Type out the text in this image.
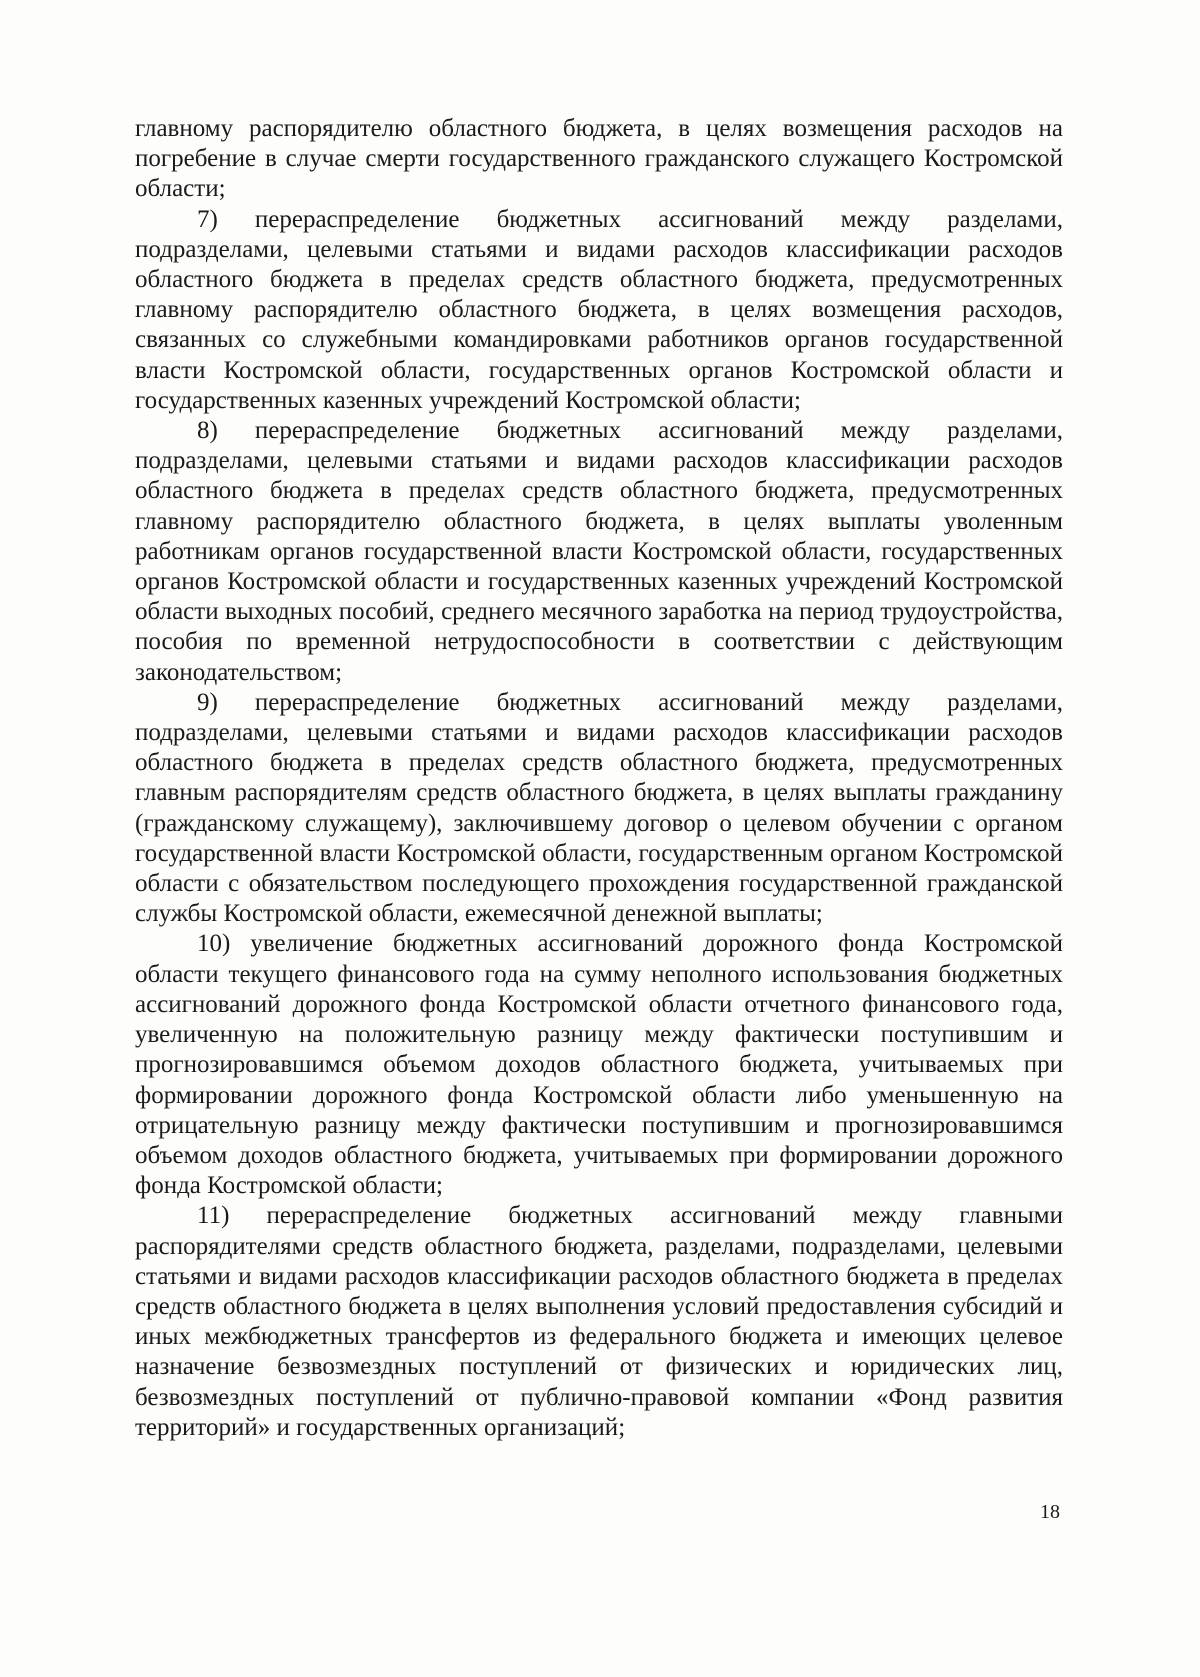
главному распорядителю областного бюджета, в целях возмещения расходов на погребение в случае смерти государственного гражданского служащего Костромской области;

7) перераспределение бюджетных ассигнований между разделами, подразделами, целевыми статьями и видами расходов классификации расходов областного бюджета в пределах средств областного бюджета, предусмотренных главному распорядителю областного бюджета, в целях возмещения расходов, связанных со служебными командировками работников органов государственной власти Костромской области, государственных органов Костромской области и государственных казенных учреждений Костромской области;

8) перераспределение бюджетных ассигнований между разделами, подразделами, целевыми статьями и видами расходов классификации расходов областного бюджета в пределах средств областного бюджета, предусмотренных главному распорядителю областного бюджета, в целях выплаты уволенным работникам органов государственной власти Костромской области, государственных органов Костромской области и государственных казенных учреждений Костромской области выходных пособий, среднего месячного заработка на период трудоустройства, пособия по временной нетрудоспособности в соответствии с действующим законодательством;

9) перераспределение бюджетных ассигнований между разделами, подразделами, целевыми статьями и видами расходов классификации расходов областного бюджета в пределах средств областного бюджета, предусмотренных главным распорядителям средств областного бюджета, в целях выплаты гражданину (гражданскому служащему), заключившему договор о целевом обучении с органом государственной власти Костромской области, государственным органом Костромской области с обязательством последующего прохождения государственной гражданской службы Костромской области, ежемесячной денежной выплаты;

10) увеличение бюджетных ассигнований дорожного фонда Костромской области текущего финансового года на сумму неполного использования бюджетных ассигнований дорожного фонда Костромской области отчетного финансового года, увеличенную на положительную разницу между фактически поступившим и прогнозировавшимся объемом доходов областного бюджета, учитываемых при формировании дорожного фонда Костромской области либо уменьшенную на отрицательную разницу между фактически поступившим и прогнозировавшимся объемом доходов областного бюджета, учитываемых при формировании дорожного фонда Костромской области;

11) перераспределение бюджетных ассигнований между главными распорядителями средств областного бюджета, разделами, подразделами, целевыми статьями и видами расходов классификации расходов областного бюджета в пределах средств областного бюджета в целях выполнения условий предоставления субсидий и иных межбюджетных трансфертов из федерального бюджета и имеющих целевое назначение безвозмездных поступлений от физических и юридических лиц, безвозмездных поступлений от публично-правовой компании «Фонд развития территорий» и государственных организаций;

18
